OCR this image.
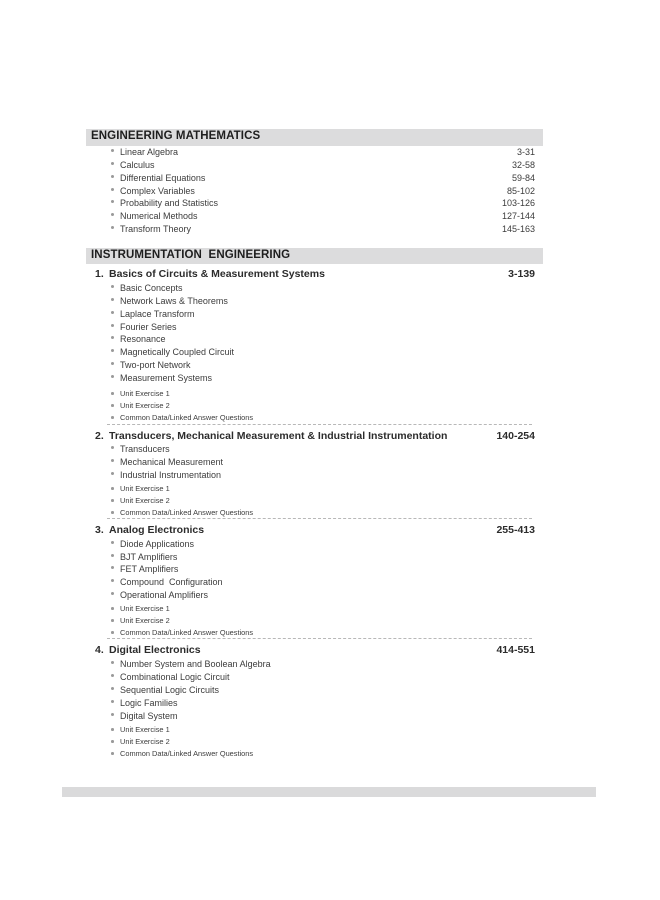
ENGINEERING MATHEMATICS
Linear Algebra	3-31
Calculus	32-58
Differential Equations	59-84
Complex Variables	85-102
Probability and Statistics	103-126
Numerical Methods	127-144
Transform Theory	145-163
INSTRUMENTATION  ENGINEERING
1. Basics of Circuits & Measurement Systems	3-139
Basic Concepts
Network Laws & Theorems
Laplace Transform
Fourier Series
Resonance
Magnetically Coupled Circuit
Two-port Network
Measurement Systems
Unit Exercise 1
Unit Exercise 2
Common Data/Linked Answer Questions
2. Transducers, Mechanical Measurement & Industrial Instrumentation	140-254
Transducers
Mechanical Measurement
Industrial Instrumentation
Unit Exercise 1
Unit Exercise 2
Common Data/Linked Answer Questions
3. Analog Electronics	255-413
Diode Applications
BJT Amplifiers
FET Amplifiers
Compound  Configuration
Operational Amplifiers
Unit Exercise 1
Unit Exercise 2
Common Data/Linked Answer Questions
4. Digital Electronics	414-551
Number System and Boolean Algebra
Combinational Logic Circuit
Sequential Logic Circuits
Logic Families
Digital System
Unit Exercise 1
Unit Exercise 2
Common Data/Linked Answer Questions
